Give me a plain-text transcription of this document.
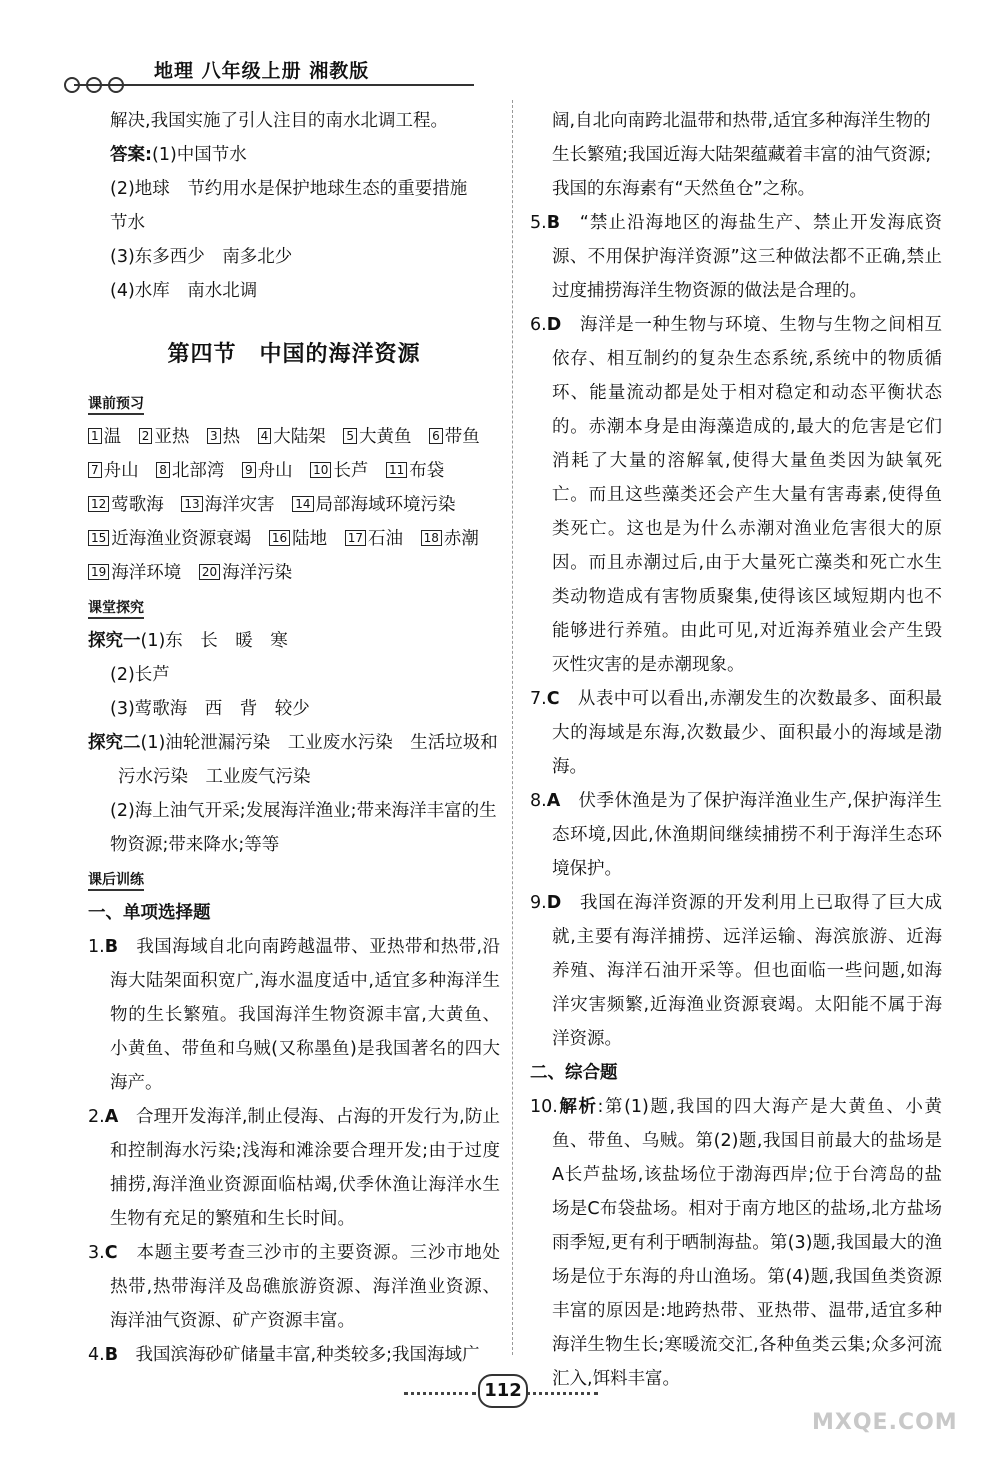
地理 八年级上册 湘教版

解决,我国实施了引人注目的南水北调工程。

答案:(1)中国节水

(2)地球　节约用水是保护地球生态的重要措施

节水

(3)东多西少　南多北少

(4)水库　南水北调

第四节　中国的海洋资源
课前预习
1 温 2 亚热 3 热 4 大陆架 5 大黄鱼 6 带鱼 7 舟山 8 北部湾 9 舟山 10 长芦 11 布袋 12 莺歌海 13 海洋灾害 14 局部海域环境污染 15 近海渔业资源衰竭 16 陆地 17 石油 18 赤潮 19 海洋环境 20 海洋污染
课堂探究

探究一(1)东　长　暖　寒

(2)长芦

(3)莺歌海　西　背　较少

探究二(1)油轮泄漏污染　工业废水污染　生活垃圾和污水污染　工业废气污染

(2)海上油气开采;发展海洋渔业;带来海洋丰富的生物资源;带来降水;等等

课后训练

一、单项选择题

1.B　 我国海域自北向南跨越温带、亚热带和热带,沿海大陆架面积宽广,海水温度适中,适宜多种海洋生物的生长繁殖。我国海洋生物资源丰富,大黄鱼、小黄鱼、带鱼和乌贼(又称墨鱼)是我国著名的四大海产。

2.A　 合理开发海洋,制止侵海、占海的开发行为,防止和控制海水污染;浅海和滩涂要合理开发;由于过度捕捞,海洋渔业资源面临枯竭,伏季休渔让海洋水生生物有充足的繁殖和生长时间。

3.C　 本题主要考查三沙市的主要资源。三沙市地处热带,热带海洋及岛礁旅游资源、海洋渔业资源、海洋油气资源、矿产资源丰富。

4.B　 我国滨海砂矿储量丰富,种类较多;我国海域广

阔,自北向南跨北温带和热带,适宜多种海洋生物的生长繁殖;我国近海大陆架蕴藏着丰富的油气资源;我国的东海素有“天然鱼仓”之称。

5.B　 “禁止沿海地区的海盐生产、禁止开发海底资源、不用保护海洋资源”这三种做法都不正确,禁止过度捕捞海洋生物资源的做法是合理的。

6.D　 海洋是一种生物与环境、生物与生物之间相互依存、相互制约的复杂生态系统,系统中的物质循环、能量流动都是处于相对稳定和动态平衡状态的。赤潮本身是由海藻造成的,最大的危害是它们消耗了大量的溶解氧,使得大量鱼类因为缺氧死亡。而且这些藻类还会产生大量有害毒素,使得鱼类死亡。这也是为什么赤潮对渔业危害很大的原因。而且赤潮过后,由于大量死亡藻类和死亡水生类动物造成有害物质聚集,使得该区域短期内也不能够进行养殖。由此可见,对近海养殖业会产生毁灭性灾害的是赤潮现象。

7.C　 从表中可以看出,赤潮发生的次数最多、面积最大的海域是东海,次数最少、面积最小的海域是渤海。

8.A　 伏季休渔是为了保护海洋渔业生产,保护海洋生态环境,因此,休渔期间继续捕捞不利于海洋生态环境保护。

9.D　 我国在海洋资源的开发利用上已取得了巨大成就,主要有海洋捕捞、远洋运输、海滨旅游、近海养殖、海洋石油开采等。但也面临一些问题,如海洋灾害频繁,近海渔业资源衰竭。太阳能不属于海洋资源。

二、综合题

10.解析:第(1)题,我国的四大海产是大黄鱼、小黄鱼、带鱼、乌贼。第(2)题,我国目前最大的盐场是A长芦盐场,该盐场位于渤海西岸;位于台湾岛的盐场是C布袋盐场。相对于南方地区的盐场,北方盐场雨季短,更有利于晒制海盐。第(3)题,我国最大的渔场是位于东海的舟山渔场。第(4)题,我国鱼类资源丰富的原因是:地跨热带、亚热带、温带,适宜多种海洋生物生长;寒暖流交汇,各种鱼类云集;众多河流汇入,饵料丰富。

112
MXQE.COM
